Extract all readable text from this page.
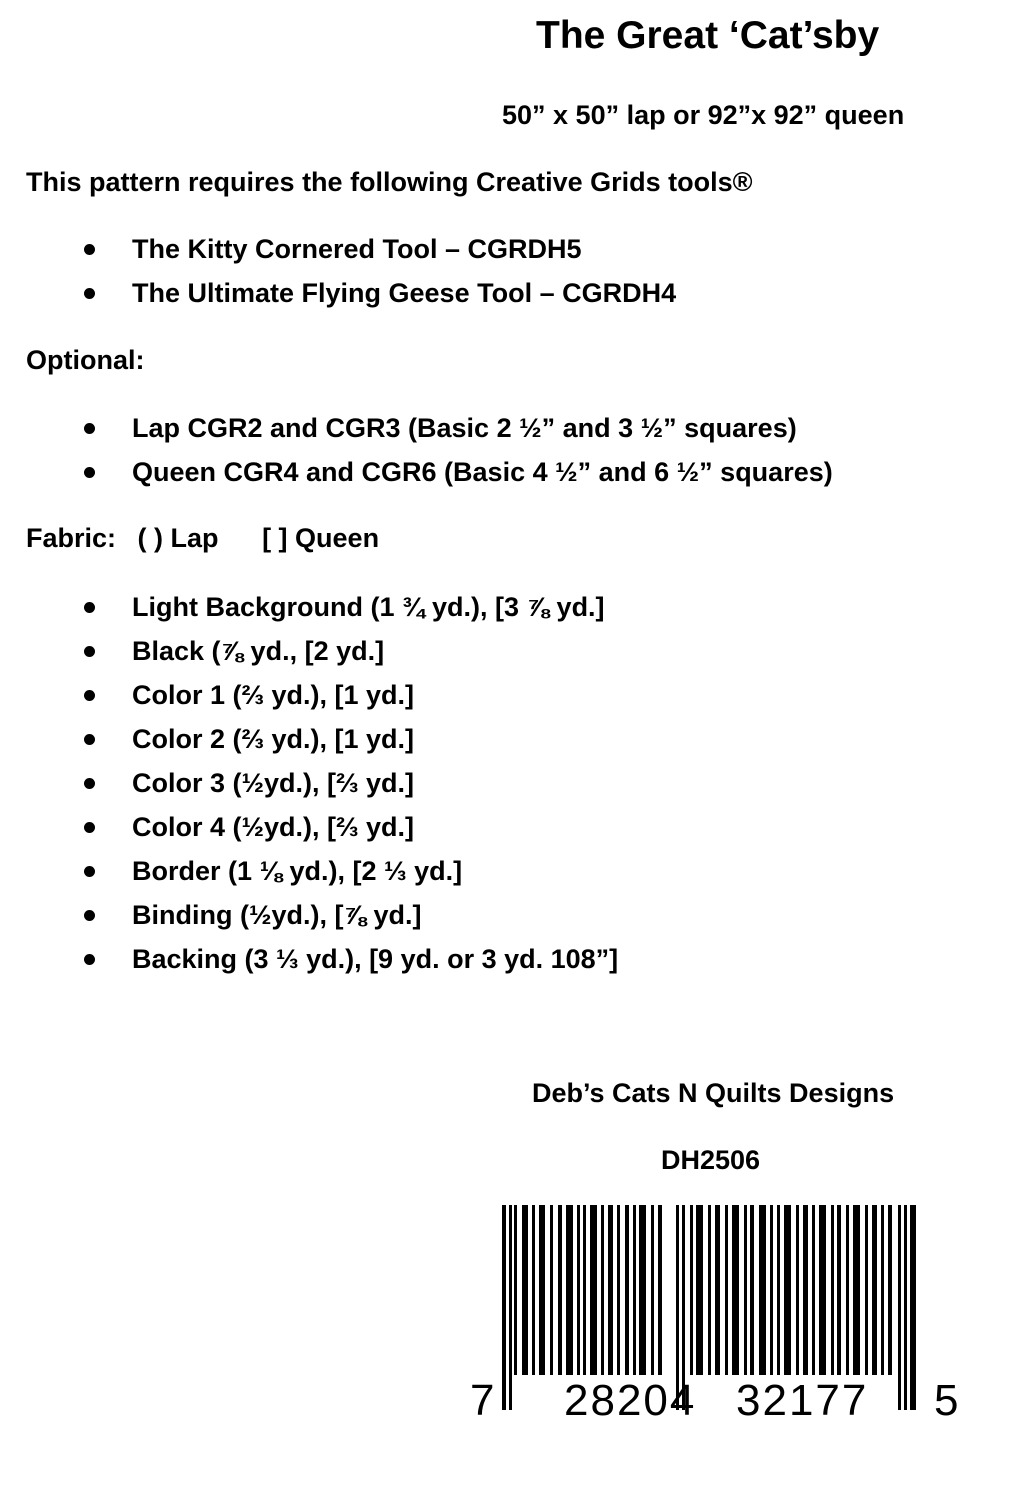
The Great ‘Cat’sby
50” x 50” lap or 92”x 92” queen
This pattern requires the following Creative Grids tools®
The Kitty Cornered Tool – CGRDH5
The Ultimate Flying Geese Tool – CGRDH4
Optional:
Lap CGR2 and CGR3 (Basic 2 ½” and 3 ½” squares)
Queen CGR4 and CGR6 (Basic 4 ½” and 6 ½” squares)
Fabric: ( ) Lap [ ] Queen
Light Background (1 ¾ yd.), [3 ⅞ yd.]
Black (⅞ yd., [2 yd.]
Color 1 (⅔ yd.), [1 yd.]
Color 2 (⅔ yd.), [1 yd.]
Color 3 (½yd.), [⅔ yd.]
Color 4 (½yd.), [⅔ yd.]
Border (1 ⅛ yd.), [2 ⅓ yd.]
Binding (½yd.), [⅞ yd.]
Backing (3 ⅓ yd.), [9 yd. or 3 yd. 108”]
Deb’s Cats N Quilts Designs
DH2506
7 28204 32177 5
